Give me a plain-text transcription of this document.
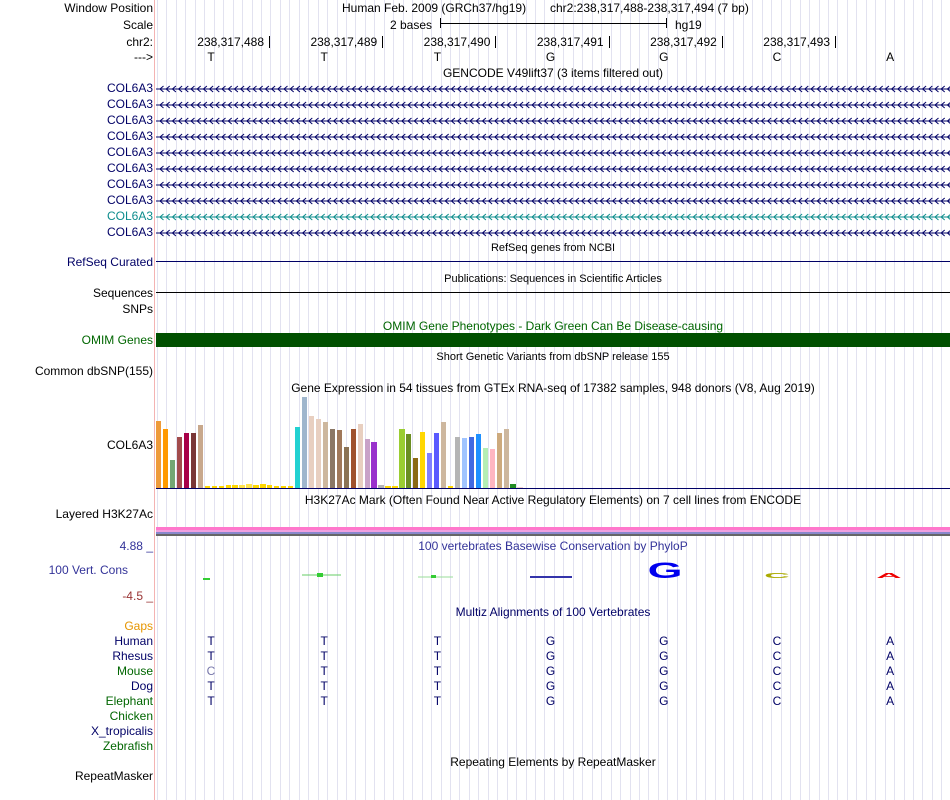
Window Position	Human Feb. 2009 (GRCh37/hg19) chr2:238,317,488-238,317,494 (7 bp)
Scale	2 bases	hg19
chr2:	238,317,488	238,317,489	238,317,490	238,317,491	238,317,492	238,317,493
--->	T	T	T	G	G	C	A
GENCODE V49lift37 (3 items filtered out)
COL6A3
COL6A3
COL6A3
COL6A3
COL6A3
COL6A3
COL6A3
COL6A3
COL6A3
COL6A3
RefSeq genes from NCBI
RefSeq Curated
Publications: Sequences in Scientific Articles
Sequences
SNPs
OMIM Gene Phenotypes - Dark Green Can Be Disease-causing
OMIM Genes
Short Genetic Variants from dbSNP release 155
Common dbSNP(155)
Gene Expression in 54 tissues from GTEx RNA-seq of 17382 samples, 948 donors (V8, Aug 2019)
COL6A3
H3K27Ac Mark (Often Found Near Active Regulatory Elements) on 7 cell lines from ENCODE
Layered H3K27Ac
100 vertebrates Basewise Conservation by PhyloP
4.88 _
100 Vert. Cons
-4.5 _
G	C	A
Multiz Alignments of 100 Vertebrates
Gaps
Human	T	T	T	G	G	C	A
Rhesus	T	T	T	G	G	C	A
Mouse	C	T	T	G	G	C	A
Dog	T	T	T	G	G	C	A
Elephant	T	T	T	G	G	C	A
Chicken
X_tropicalis
Zebrafish
Repeating Elements by RepeatMasker
RepeatMasker
